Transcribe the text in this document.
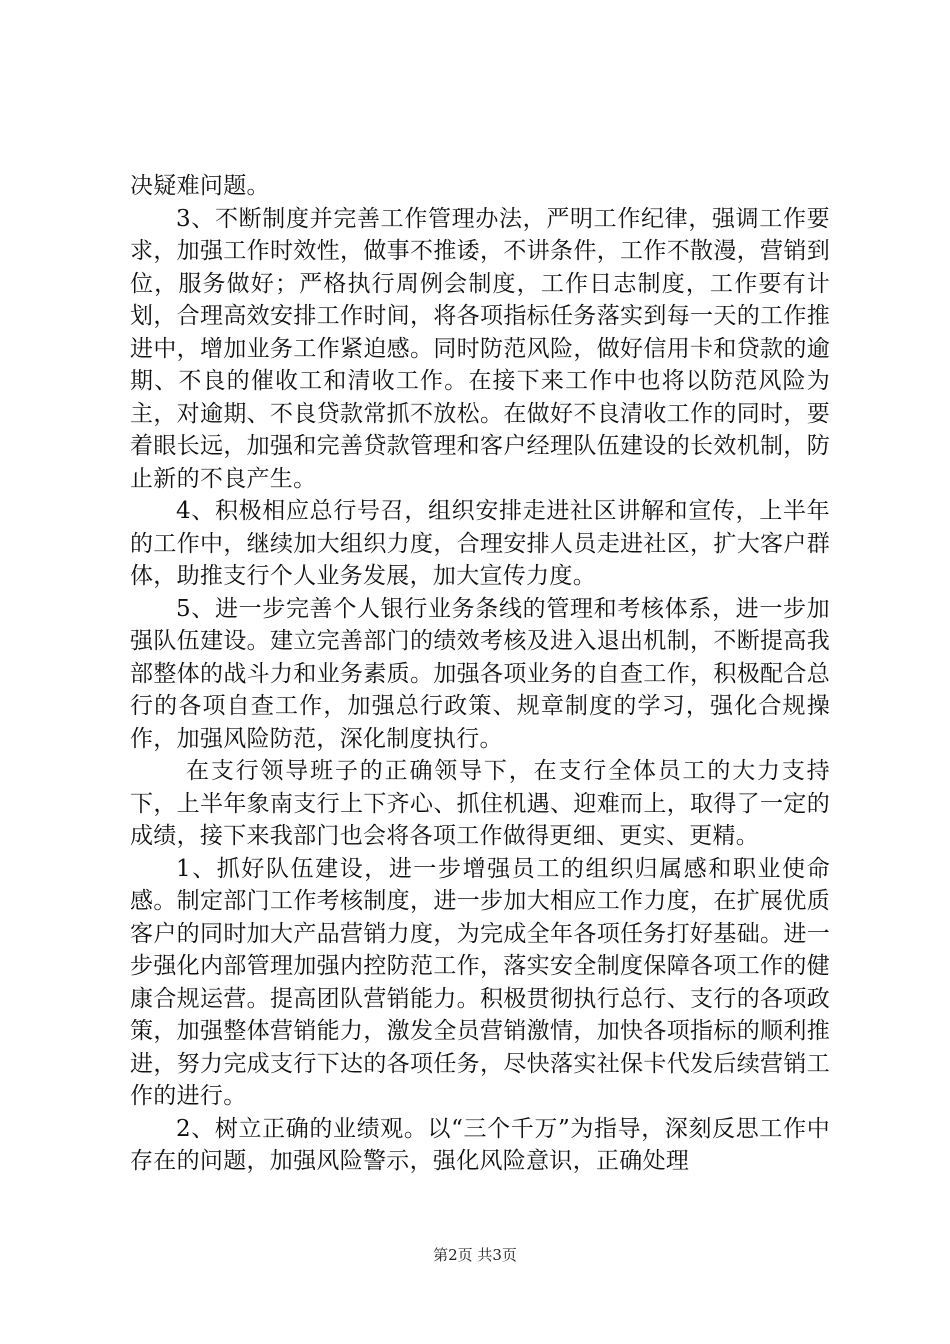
决疑难问题。

3、不断制度并完善工作管理办法，严明工作纪律，强调工作要求，加强工作时效性，做事不推诿，不讲条件，工作不散漫，营销到位，服务做好；严格执行周例会制度，工作日志制度，工作要有计划，合理高效安排工作时间，将各项指标任务落实到每一天的工作推进中，增加业务工作紧迫感。同时防范风险，做好信用卡和贷款的逾期、不良的催收工和清收工作。在接下来工作中也将以防范风险为主，对逾期、不良贷款常抓不放松。在做好不良清收工作的同时，要着眼长远，加强和完善贷款管理和客户经理队伍建设的长效机制，防止新的不良产生。

4、积极相应总行号召，组织安排走进社区讲解和宣传，上半年的工作中，继续加大组织力度，合理安排人员走进社区，扩大客户群体，助推支行个人业务发展，加大宣传力度。

5、进一步完善个人银行业务条线的管理和考核体系，进一步加强队伍建设。建立完善部门的绩效考核及进入退出机制，不断提高我部整体的战斗力和业务素质。加强各项业务的自查工作，积极配合总行的各项自查工作，加强总行政策、规章制度的学习，强化合规操作，加强风险防范，深化制度执行。

在支行领导班子的正确领导下，在支行全体员工的大力支持下，上半年象南支行上下齐心、抓住机遇、迎难而上，取得了一定的成绩，接下来我部门也会将各项工作做得更细、更实、更精。

1、抓好队伍建设，进一步增强员工的组织归属感和职业使命感。制定部门工作考核制度，进一步加大相应工作力度，在扩展优质客户的同时加大产品营销力度，为完成全年各项任务打好基础。进一步强化内部管理加强内控防范工作，落实安全制度保障各项工作的健康合规运营。提高团队营销能力。积极贯彻执行总行、支行的各项政策，加强整体营销能力，激发全员营销激情，加快各项指标的顺利推进，努力完成支行下达的各项任务，尽快落实社保卡代发后续营销工作的进行。

2、树立正确的业绩观。以“三个千万”为指导，深刻反思工作中存在的问题，加强风险警示，强化风险意识，正确处理

第2页 共3页
